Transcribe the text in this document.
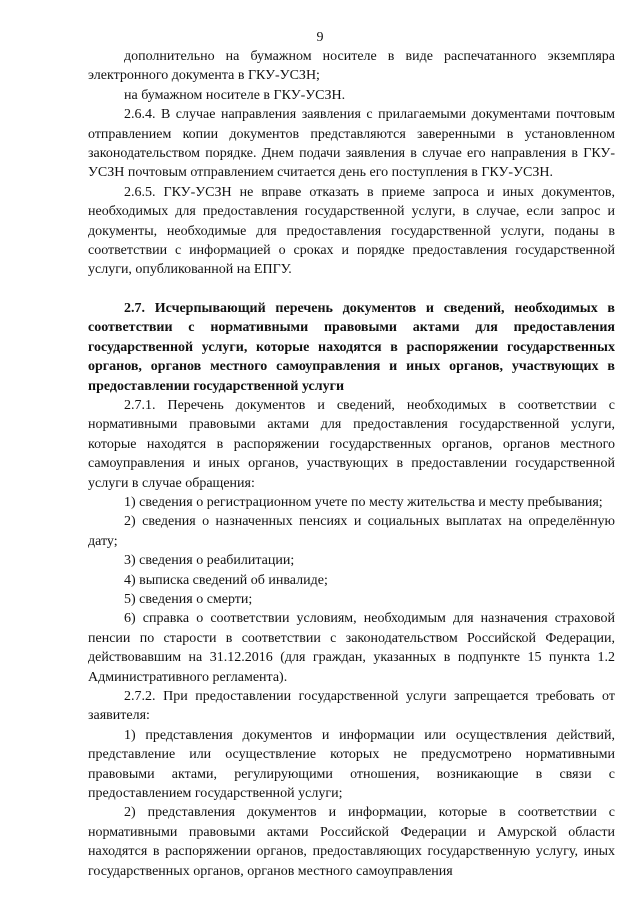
9

дополнительно на бумажном носителе в виде распечатанного экземпляра электронного документа в ГКУ-УСЗН;

на бумажном носителе в ГКУ-УСЗН.

2.6.4. В случае направления заявления с прилагаемыми документами почтовым отправлением копии документов представляются заверенными в установленном законодательством порядке. Днем подачи заявления в случае его направления в ГКУ-УСЗН почтовым отправлением считается день его поступления в ГКУ-УСЗН.

2.6.5. ГКУ-УСЗН не вправе отказать в приеме запроса и иных документов, необходимых для предоставления государственной услуги, в случае, если запрос и документы, необходимые для предоставления государственной услуги, поданы в соответствии с информацией о сроках и порядке предоставления государственной услуги, опубликованной на ЕПГУ.

2.7. Исчерпывающий перечень документов и сведений, необходимых в соответствии с нормативными правовыми актами для предоставления государственной услуги, которые находятся в распоряжении государственных органов, органов местного самоуправления и иных органов, участвующих в предоставлении государственной услуги

2.7.1. Перечень документов и сведений, необходимых в соответствии с нормативными правовыми актами для предоставления государственной услуги, которые находятся в распоряжении государственных органов, органов местного самоуправления и иных органов, участвующих в предоставлении государственной услуги в случае обращения:

1) сведения о регистрационном учете по месту жительства и месту пребывания;

2) сведения о назначенных пенсиях и социальных выплатах на определённую дату;

3) сведения о реабилитации;

4) выписка сведений об инвалиде;

5) сведения о смерти;

6) справка о соответствии условиям, необходимым для назначения страховой пенсии по старости в соответствии с законодательством Российской Федерации, действовавшим на 31.12.2016 (для граждан, указанных в подпункте 15 пункта 1.2 Административного регламента).

2.7.2. При предоставлении государственной услуги запрещается требовать от заявителя:

1) представления документов и информации или осуществления действий, представление или осуществление которых не предусмотрено нормативными правовыми актами, регулирующими отношения, возникающие в связи с предоставлением государственной услуги;

2) представления документов и информации, которые в соответствии с нормативными правовыми актами Российской Федерации и Амурской области находятся в распоряжении органов, предоставляющих государственную услугу, иных государственных органов, органов местного самоуправления
